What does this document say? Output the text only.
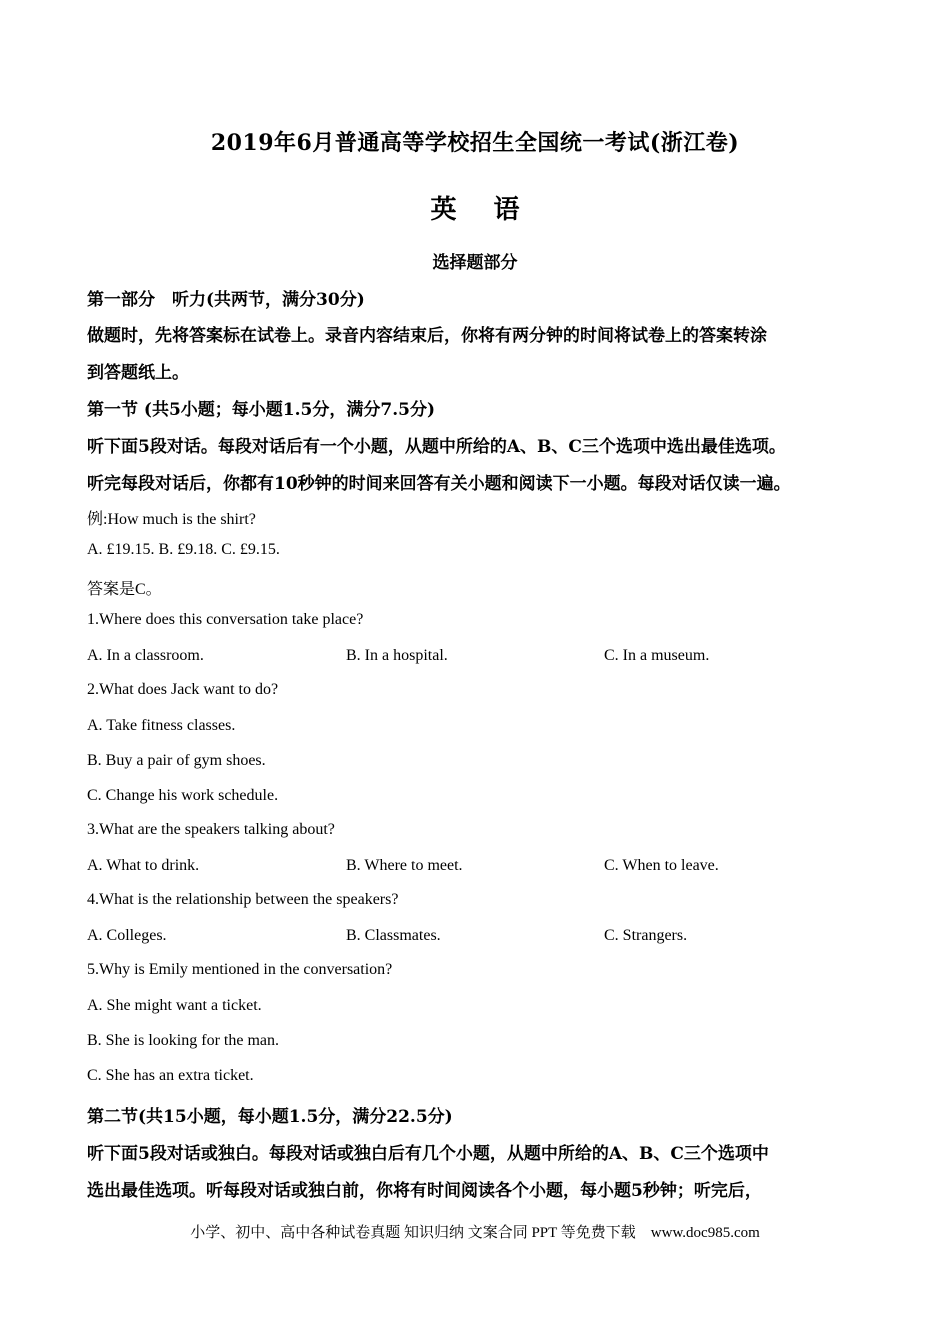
2019年6月普通高等学校招生全国统一考试(浙江卷)
英 语
选择题部分
第一部分　听力(共两节，满分30分)
做题时，先将答案标在试卷上。录音内容结束后，你将有两分钟的时间将试卷上的答案转涂
到答题纸上。
第一节 (共5小题；每小题1.5分，满分7.5分)
听下面5段对话。每段对话后有一个小题，从题中所给的A、B、C三个选项中选出最佳选项。
听完每段对话后，你都有10秒钟的时间来回答有关小题和阅读下一小题。每段对话仅读一遍。
例:How much is the shirt?
A. £19.15. B. £9.18. C. £9.15.
答案是C。
1.Where does this conversation take place?
A. In a classroom.	B. In a hospital.	C. In a museum.
2.What does Jack want to do?
A. Take fitness classes.
B. Buy a pair of gym shoes.
C. Change his work schedule.
3.What are the speakers talking about?
A. What to drink.	B. Where to meet.	C. When to leave.
4.What is the relationship between the speakers?
A. Colleges.	B. Classmates.	C. Strangers.
5.Why is Emily mentioned in the conversation?
A. She might want a ticket.
B. She is looking for the man.
C. She has an extra ticket.
第二节(共15小题，每小题1.5分，满分22.5分)
听下面5段对话或独白。每段对话或独白后有几个小题，从题中所给的A、B、C三个选项中
选出最佳选项。听每段对话或独白前，你将有时间阅读各个小题，每小题5秒钟；听完后，
小学、初中、高中各种试卷真题 知识归纳 文案合同 PPT 等免费下载　www.doc985.com
